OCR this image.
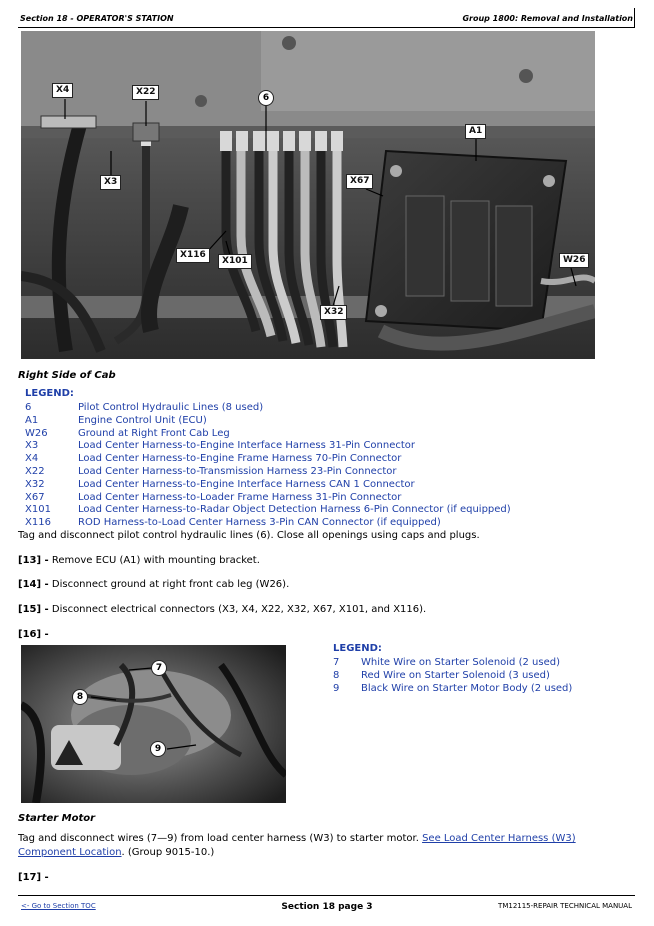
Section 18 - OPERATOR'S STATION	Group 1800: Removal and Installation
X4	X22
6
A1
X3	X67
X116
X101	W26
X32
Right Side of Cab
LEGEND:
6	Pilot Control Hydraulic Lines (8 used)
A1	Engine Control Unit (ECU)
W26	Ground at Right Front Cab Leg
X3	Load Center Harness-to-Engine Interface Harness 31-Pin Connector
X4	Load Center Harness-to-Engine Frame Harness 70-Pin Connector
X22	Load Center Harness-to-Transmission Harness 23-Pin Connector
X32	Load Center Harness-to-Engine Interface Harness CAN 1 Connector
X67	Load Center Harness-to-Loader Frame Harness 31-Pin Connector
X101	Load Center Harness-to-Radar Object Detection Harness 6-Pin Connector (if equipped)
X116	ROD Harness-to-Load Center Harness 3-Pin CAN Connector (if equipped)
Tag and disconnect pilot control hydraulic lines (6). Close all openings using caps and plugs.
[13] - Remove ECU (A1) with mounting bracket.
[14] - Disconnect ground at right front cab leg (W26).
[15] - Disconnect electrical connectors (X3, X4, X22, X32, X67, X101, and X116).
[16] -
7
8
9
LEGEND:
7 White Wire on Starter Solenoid (2 used)
8 Red Wire on Starter Solenoid (3 used)
9 Black Wire on Starter Motor Body (2 used)
Starter Motor
Tag and disconnect wires (7—9) from load center harness (W3) to starter motor. See Load Center Harness (W3) Component Location. (Group 9015-10.)
[17] -
<- Go to Section TOC	Section 18 page 3	TM12115-REPAIR TECHNICAL MANUAL
